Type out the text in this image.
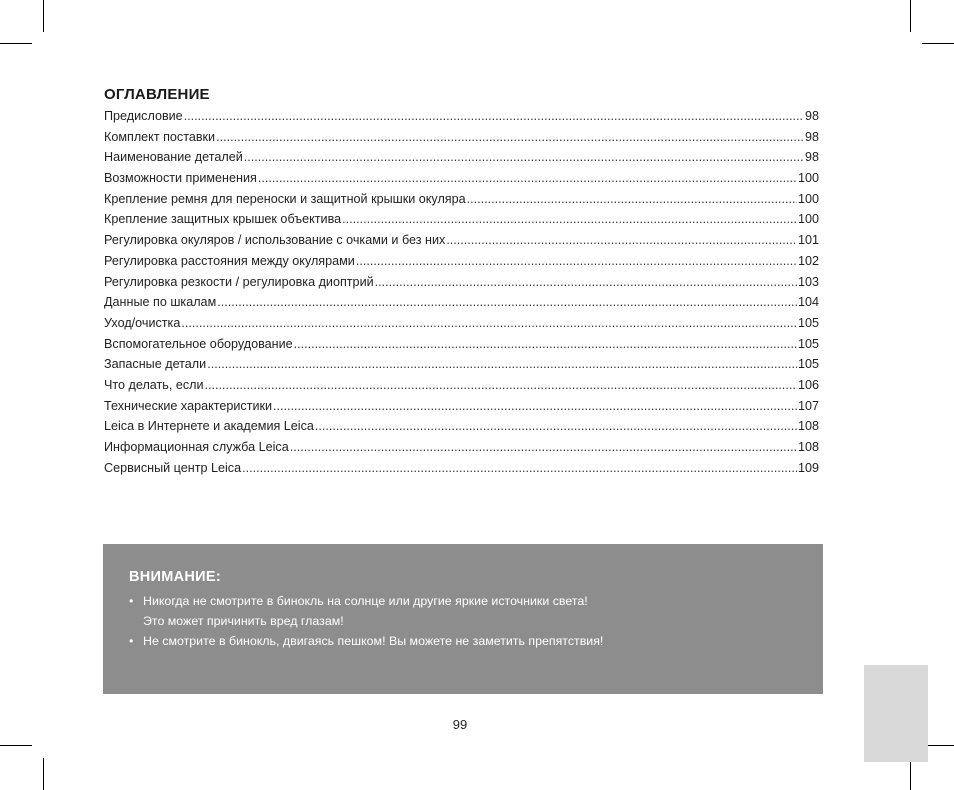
ОГЛАВЛЕНИЕ
Предисловие .....	98
Комплект поставки .....	98
Наименование деталей .....	98
Возможности применения .....	100
Крепление ремня для переноски и защитной крышки окуляра .....	100
Крепление защитных крышек объектива .....	100
Регулировка окуляров / использование с очками и без них .....	101
Регулировка расстояния между окулярами .....	102
Регулировка резкости / регулировка диоптрий .....	103
Данные по шкалам .....	104
Уход/очистка .....	105
Вспомогательное оборудование .....	105
Запасные детали .....	105
Что делать, если .....	106
Технические характеристики .....	107
Leica в Интернете и академия Leica .....	108
Информационная служба Leica .....	108
Сервисный центр Leica .....	109
ВНИМАНИЕ:
• Никогда не смотрите в бинокль на солнце или другие яркие источники света!
Это может причинить вред глазам!
• Не смотрите в бинокль, двигаясь пешком! Вы можете не заметить препятствия!
99
